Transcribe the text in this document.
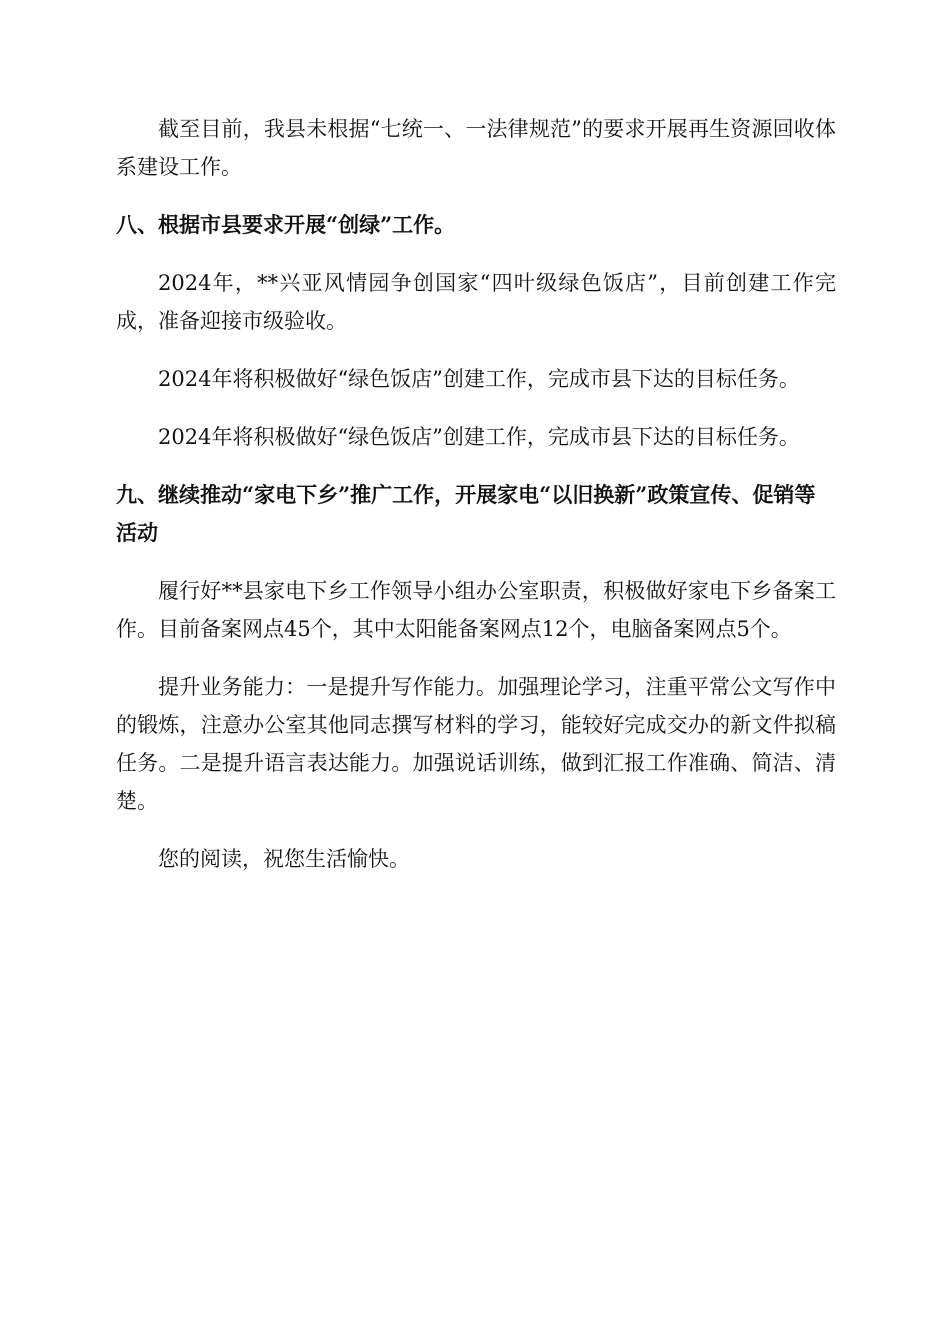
截至目前，我县未根据“七统一、一法律规范”的要求开展再生资源回收体系建设工作。

八、根据市县要求开展“创绿”工作。

2024年，**兴亚风情园争创国家“四叶级绿色饭店”，目前创建工作完成，准备迎接市级验收。

2024年将积极做好“绿色饭店”创建工作，完成市县下达的目标任务。

2024年将积极做好“绿色饭店”创建工作，完成市县下达的目标任务。

九、继续推动“家电下乡”推广工作，开展家电“以旧换新”政策宣传、促销等活动

履行好**县家电下乡工作领导小组办公室职责，积极做好家电下乡备案工作。目前备案网点45个，其中太阳能备案网点12个，电脑备案网点5个。

提升业务能力：一是提升写作能力。加强理论学习，注重平常公文写作中的锻炼，注意办公室其他同志撰写材料的学习，能较好完成交办的新文件拟稿任务。二是提升语言表达能力。加强说话训练，做到汇报工作准确、简洁、清楚。

您的阅读，祝您生活愉快。
